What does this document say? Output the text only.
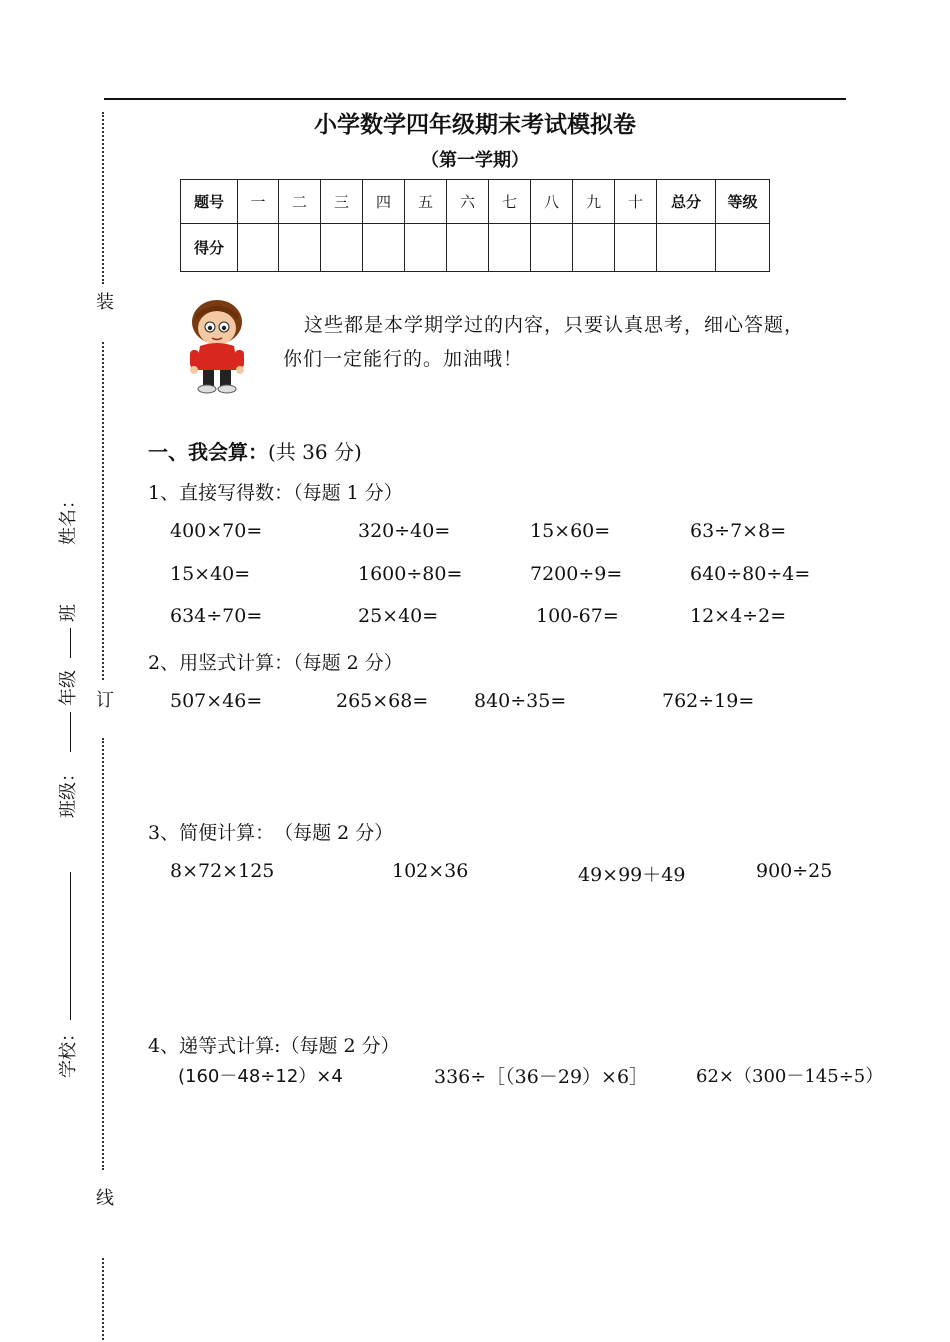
装
订
线
姓名：
班
年级
班级：
学校：
小学数学四年级期末考试模拟卷
（第一学期）
题号	一	二	三	四	五	六	七	八	九	十	总分	等级
得分												
这些都是本学期学过的内容，只要认真思考，细心答题，
你们一定能行的。加油哦！
一、我会算：(共 36 分)
1、直接写得数：（每题 1 分）
400×70=	320÷40=	15×60=	63÷7×8=
15×40=	1600÷80=	7200÷9=	640÷80÷4=
634÷70=	25×40=	100-67=	12×4÷2=
2、用竖式计算：（每题 2 分）
507×46=	265×68= 840÷35=	762÷19=
3、简便计算：　（每题 2 分）
8×72×125	102×36	49×99＋49	900÷25
4、递等式计算:（每题 2 分）
(160－48÷12）×4	336÷［（36－29）×6］	62×（300－145÷5）
